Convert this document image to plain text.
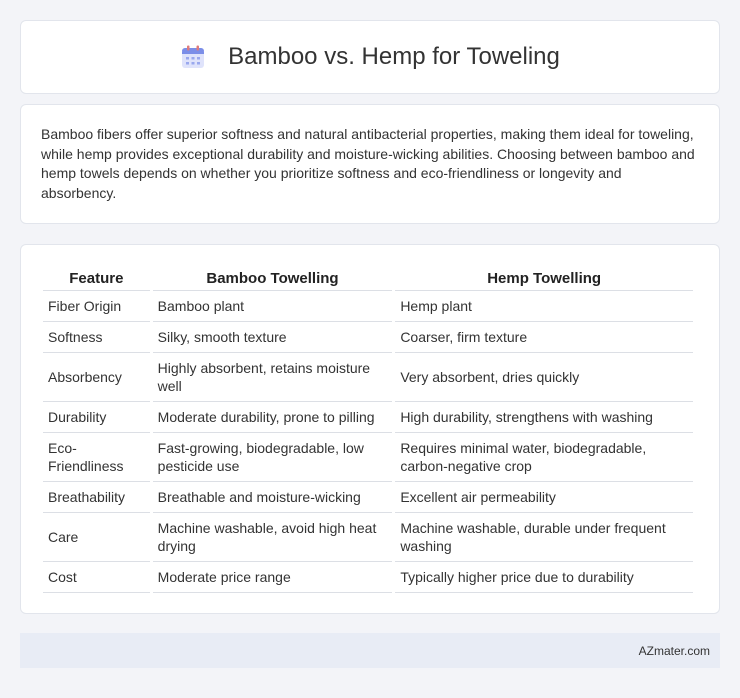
Bamboo vs. Hemp for Toweling

Bamboo fibers offer superior softness and natural antibacterial properties, making them ideal for toweling, while hemp provides exceptional durability and moisture-wicking abilities. Choosing between bamboo and hemp towels depends on whether you prioritize softness and eco-friendliness or longevity and absorbency.

Feature	Bamboo Towelling	Hemp Towelling
Fiber Origin	Bamboo plant	Hemp plant
Softness	Silky, smooth texture	Coarser, firm texture
Absorbency	Highly absorbent, retains moisture well	Very absorbent, dries quickly
Durability	Moderate durability, prone to pilling	High durability, strengthens with washing
Eco-Friendliness	Fast-growing, biodegradable, low pesticide use	Requires minimal water, biodegradable, carbon-negative crop
Breathability	Breathable and moisture-wicking	Excellent air permeability
Care	Machine washable, avoid high heat drying	Machine washable, durable under frequent washing
Cost	Moderate price range	Typically higher price due to durability
AZmater.com
